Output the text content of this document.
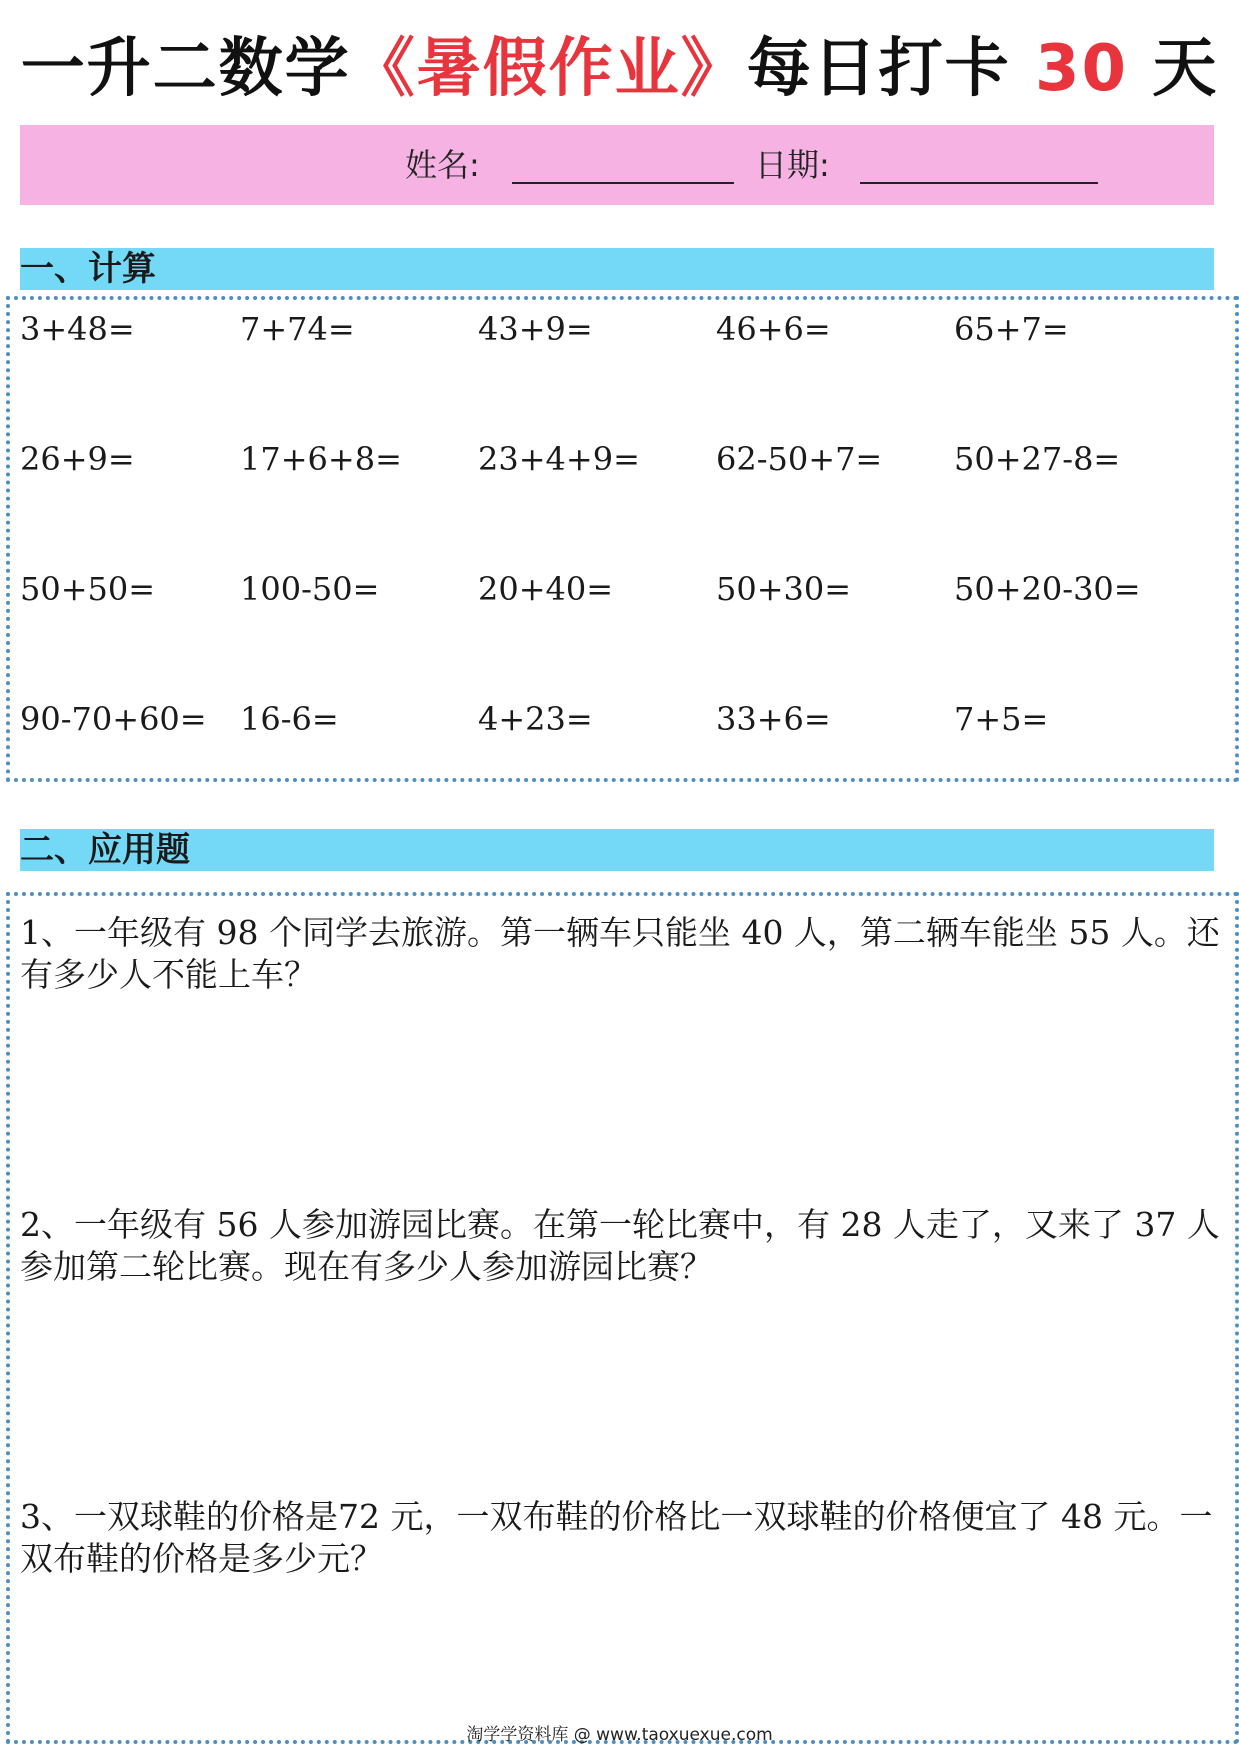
一升二数学《暑假作业》每日打卡 30 天
姓名:	日期:
一、计算
3+48=	7+74=	43+9=	46+6=	65+7=
26+9=	17+6+8= 23+4+9= 62-50+7= 50+27-8=
50+50=	100-50=	20+40=	50+30=	50+20-30=
90-70+60= 16-6=	4+23=	33+6=	7+5=
二、应用题
1、一年级有 98 个同学去旅游。第一辆车只能坐 40 人，第二辆车能坐 55 人。还有多少人不能上车？
2、一年级有 56 人参加游园比赛。在第一轮比赛中，有 28 人走了，又来了 37 人参加第二轮比赛。现在有多少人参加游园比赛？
3、一双球鞋的价格是72 元，一双布鞋的价格比一双球鞋的价格便宜了 48 元。一双布鞋的价格是多少元？
淘学学资料库 @ www.taoxuexue.com
